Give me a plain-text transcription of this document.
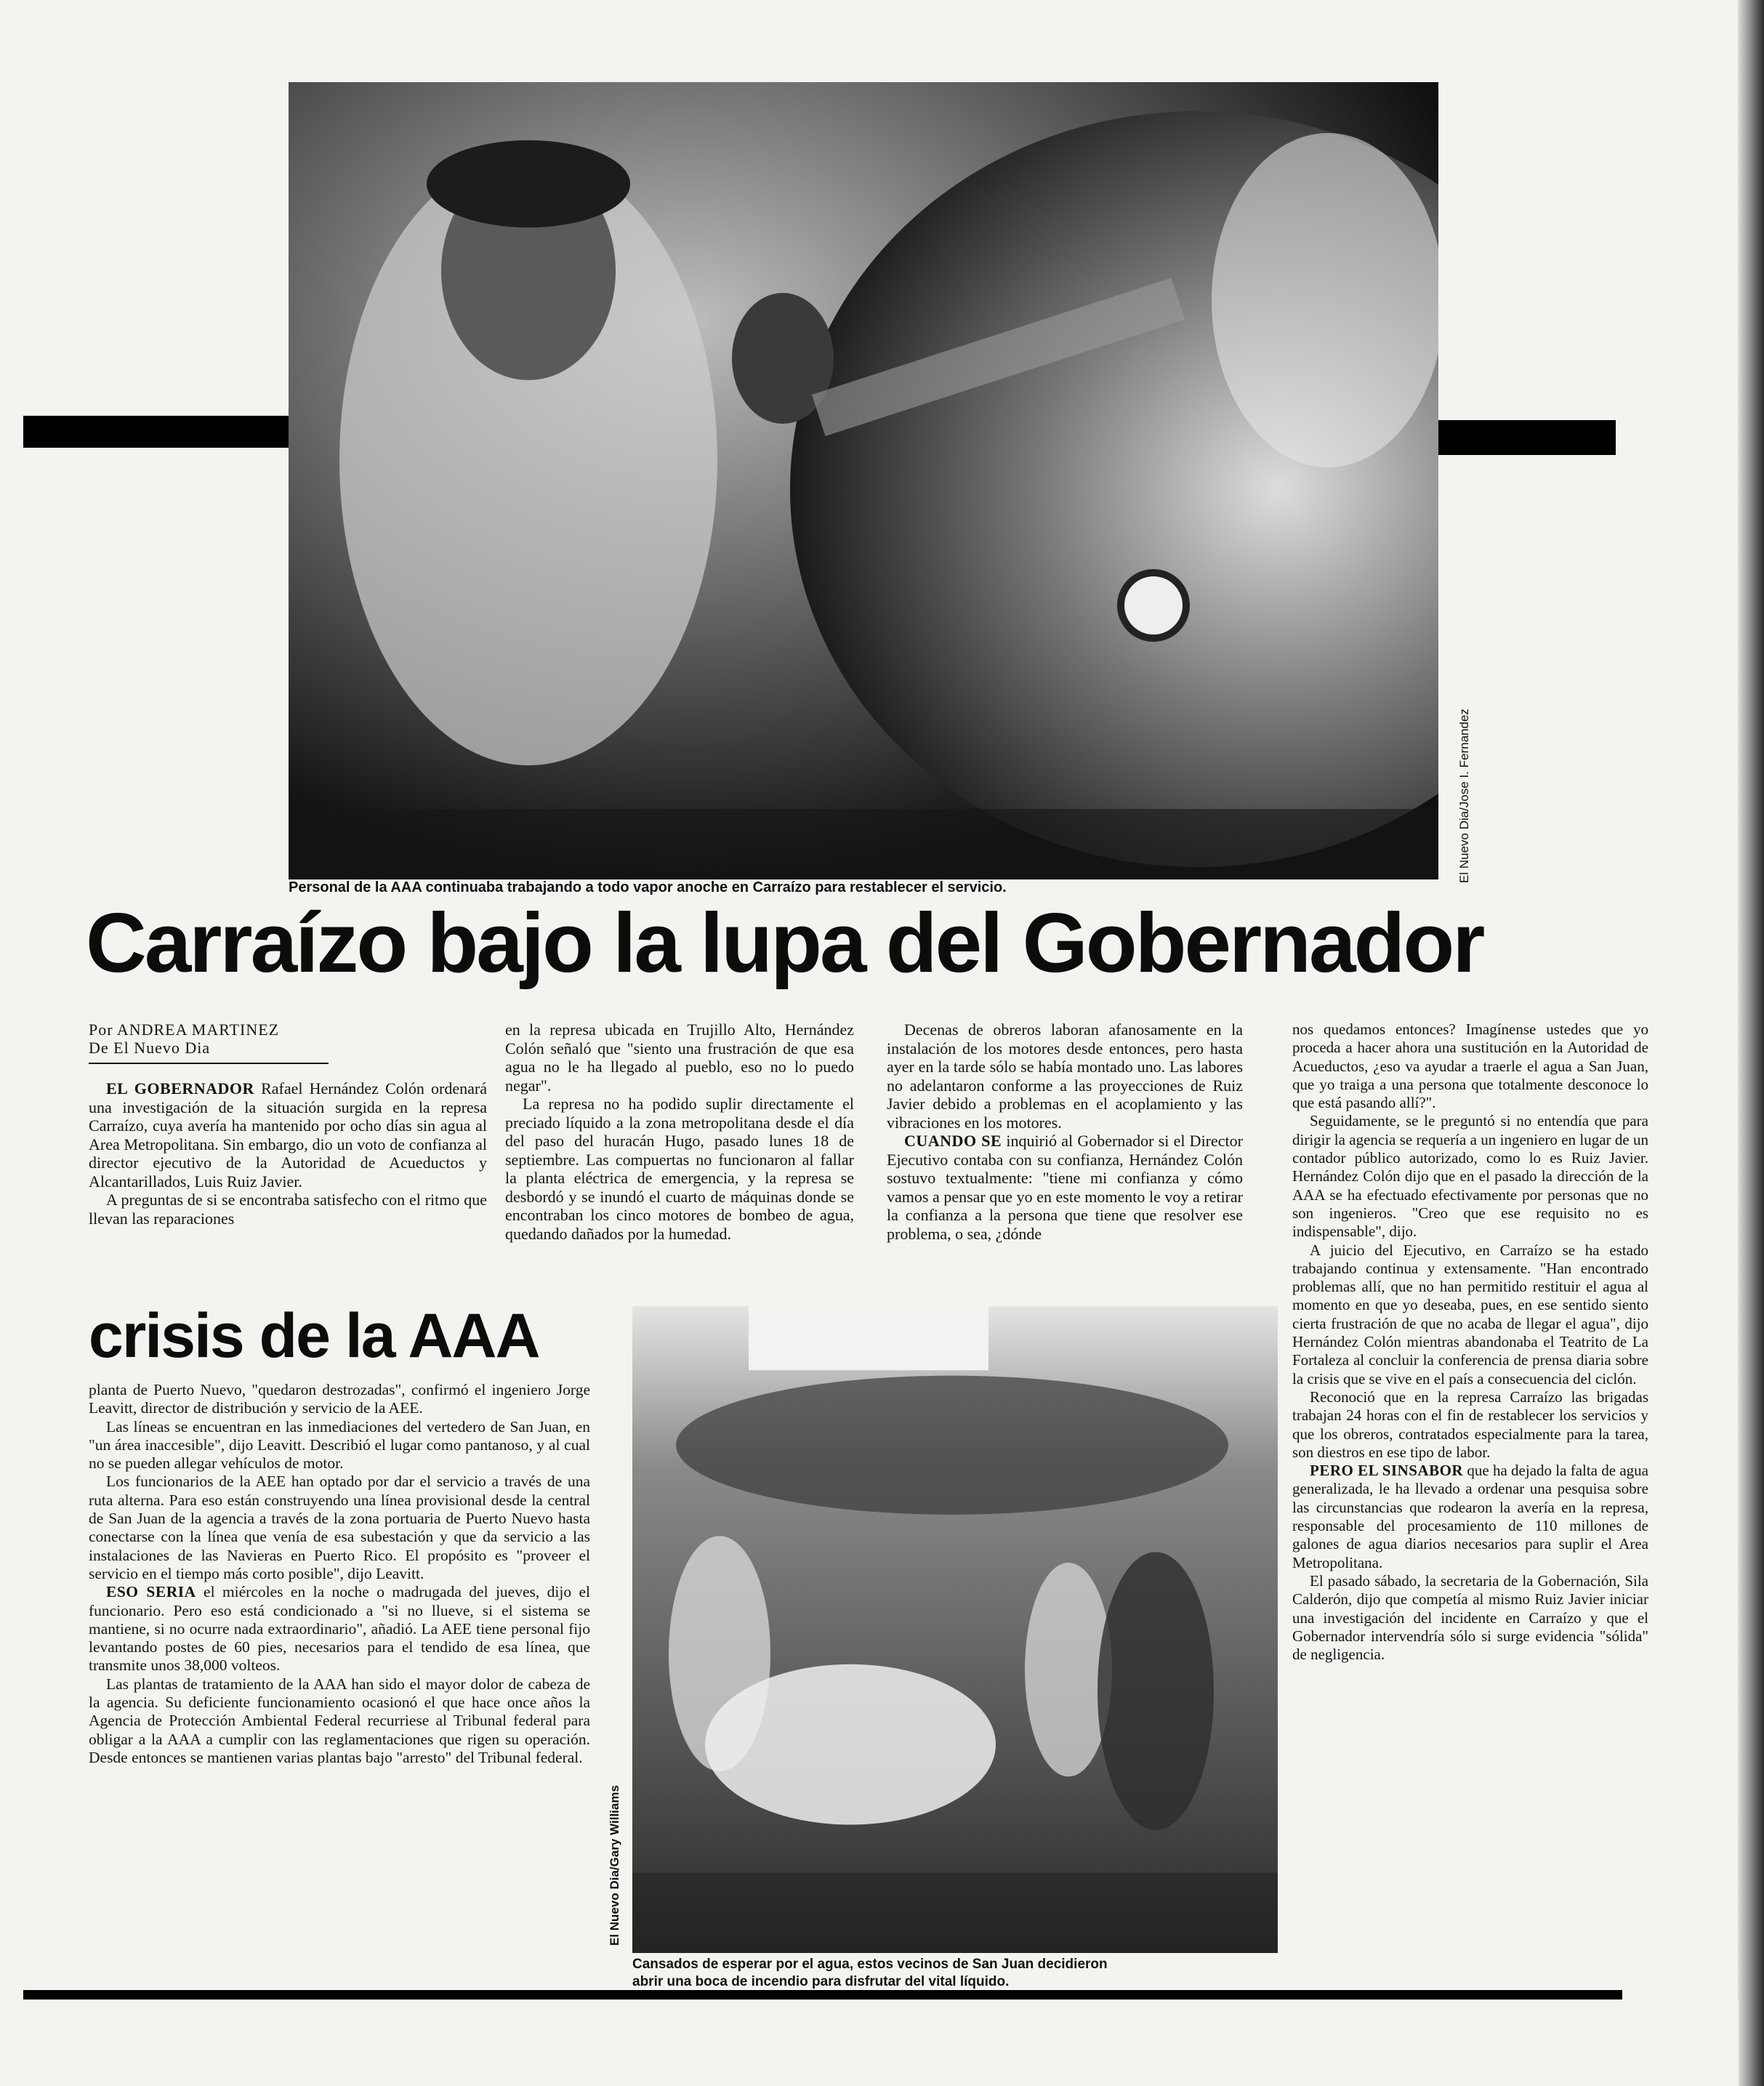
El Nuevo Dia/Jose I. Fernandez
Personal de la AAA continuaba trabajando a todo vapor anoche en Carraízo para restablecer el servicio.
Carraízo bajo la lupa del Gobernador
Por ANDREA MARTINEZ
De El Nuevo Dia

EL GOBERNADOR Rafael Hernández Colón ordenará una investigación de la situación surgida en la represa Carraízo, cuya avería ha mantenido por ocho días sin agua al Area Metropolitana. Sin embargo, dio un voto de confianza al director ejecutivo de la Autoridad de Acueductos y Alcantarillados, Luis Ruiz Javier.

A preguntas de si se encontraba satisfecho con el ritmo que llevan las reparaciones

en la represa ubicada en Trujillo Alto, Hernández Colón señaló que "siento una frustración de que esa agua no le ha llegado al pueblo, eso no lo puedo negar".

La represa no ha podido suplir directamente el preciado líquido a la zona metropolitana desde el día del paso del huracán Hugo, pasado lunes 18 de septiembre. Las compuertas no funcionaron al fallar la planta eléctrica de emergencia, y la represa se desbordó y se inundó el cuarto de máquinas donde se encontraban los cinco motores de bombeo de agua, quedando dañados por la humedad.

Decenas de obreros laboran afanosamente en la instalación de los motores desde entonces, pero hasta ayer en la tarde sólo se había montado uno. Las labores no adelantaron conforme a las proyecciones de Ruiz Javier debido a problemas en el acoplamiento y las vibraciones en los motores.

CUANDO SE inquirió al Gobernador si el Director Ejecutivo contaba con su confianza, Hernández Colón sostuvo textualmente: "tiene mi confianza y cómo vamos a pensar que yo en este momento le voy a retirar la confianza a la persona que tiene que resolver ese problema, o sea, ¿dónde

nos quedamos entonces? Imagínense ustedes que yo proceda a hacer ahora una sustitución en la Autoridad de Acueductos, ¿eso va ayudar a traerle el agua a San Juan, que yo traiga a una persona que totalmente desconoce lo que está pasando allí?".

Seguidamente, se le preguntó si no entendía que para dirigir la agencia se requería a un ingeniero en lugar de un contador público autorizado, como lo es Ruiz Javier. Hernández Colón dijo que en el pasado la dirección de la AAA se ha efectuado efectivamente por personas que no son ingenieros. "Creo que ese requisito no es indispensable", dijo.

A juicio del Ejecutivo, en Carraízo se ha estado trabajando continua y extensamente. "Han encontrado problemas allí, que no han permitido restituir el agua al momento en que yo deseaba, pues, en ese sentido siento cierta frustración de que no acaba de llegar el agua", dijo Hernández Colón mientras abandonaba el Teatrito de La Fortaleza al concluir la conferencia de prensa diaria sobre la crisis que se vive en el país a consecuencia del ciclón.

Reconoció que en la represa Carraízo las brigadas trabajan 24 horas con el fin de restablecer los servicios y que los obreros, contratados especialmente para la tarea, son diestros en ese tipo de labor.

PERO EL SINSABOR que ha dejado la falta de agua generalizada, le ha llevado a ordenar una pesquisa sobre las circunstancias que rodearon la avería en la represa, responsable del procesamiento de 110 millones de galones de agua diarios necesarios para suplir el Area Metropolitana.

El pasado sábado, la secretaria de la Gobernación, Sila Calderón, dijo que competía al mismo Ruiz Javier iniciar una investigación del incidente en Carraízo y que el Gobernador intervendría sólo si surge evidencia "sólida" de negligencia.

crisis de la AAA

planta de Puerto Nuevo, "quedaron destrozadas", confirmó el ingeniero Jorge Leavitt, director de distribución y servicio de la AEE.

Las líneas se encuentran en las inmediaciones del vertedero de San Juan, en "un área inaccesible", dijo Leavitt. Describió el lugar como pantanoso, y al cual no se pueden allegar vehículos de motor.

Los funcionarios de la AEE han optado por dar el servicio a través de una ruta alterna. Para eso están construyendo una línea provisional desde la central de San Juan de la agencia a través de la zona portuaria de Puerto Nuevo hasta conectarse con la línea que venía de esa subestación y que da servicio a las instalaciones de las Navieras en Puerto Rico. El propósito es "proveer el servicio en el tiempo más corto posible", dijo Leavitt.

ESO SERIA el miércoles en la noche o madrugada del jueves, dijo el funcionario. Pero eso está condicionado a "si no llueve, si el sistema se mantiene, si no ocurre nada extraordinario", añadió. La AEE tiene personal fijo levantando postes de 60 pies, necesarios para el tendido de esa línea, que transmite unos 38,000 volteos.

Las plantas de tratamiento de la AAA han sido el mayor dolor de cabeza de la agencia. Su deficiente funcionamiento ocasionó el que hace once años la Agencia de Protección Ambiental Federal recurriese al Tribunal federal para obligar a la AAA a cumplir con las reglamentaciones que rigen su operación. Desde entonces se mantienen varias plantas bajo "arresto" del Tribunal federal.

El Nuevo Dia/Gary Williams
Cansados de esperar por el agua, estos vecinos de San Juan decidieron
abrir una boca de incendio para disfrutar del vital líquido.
